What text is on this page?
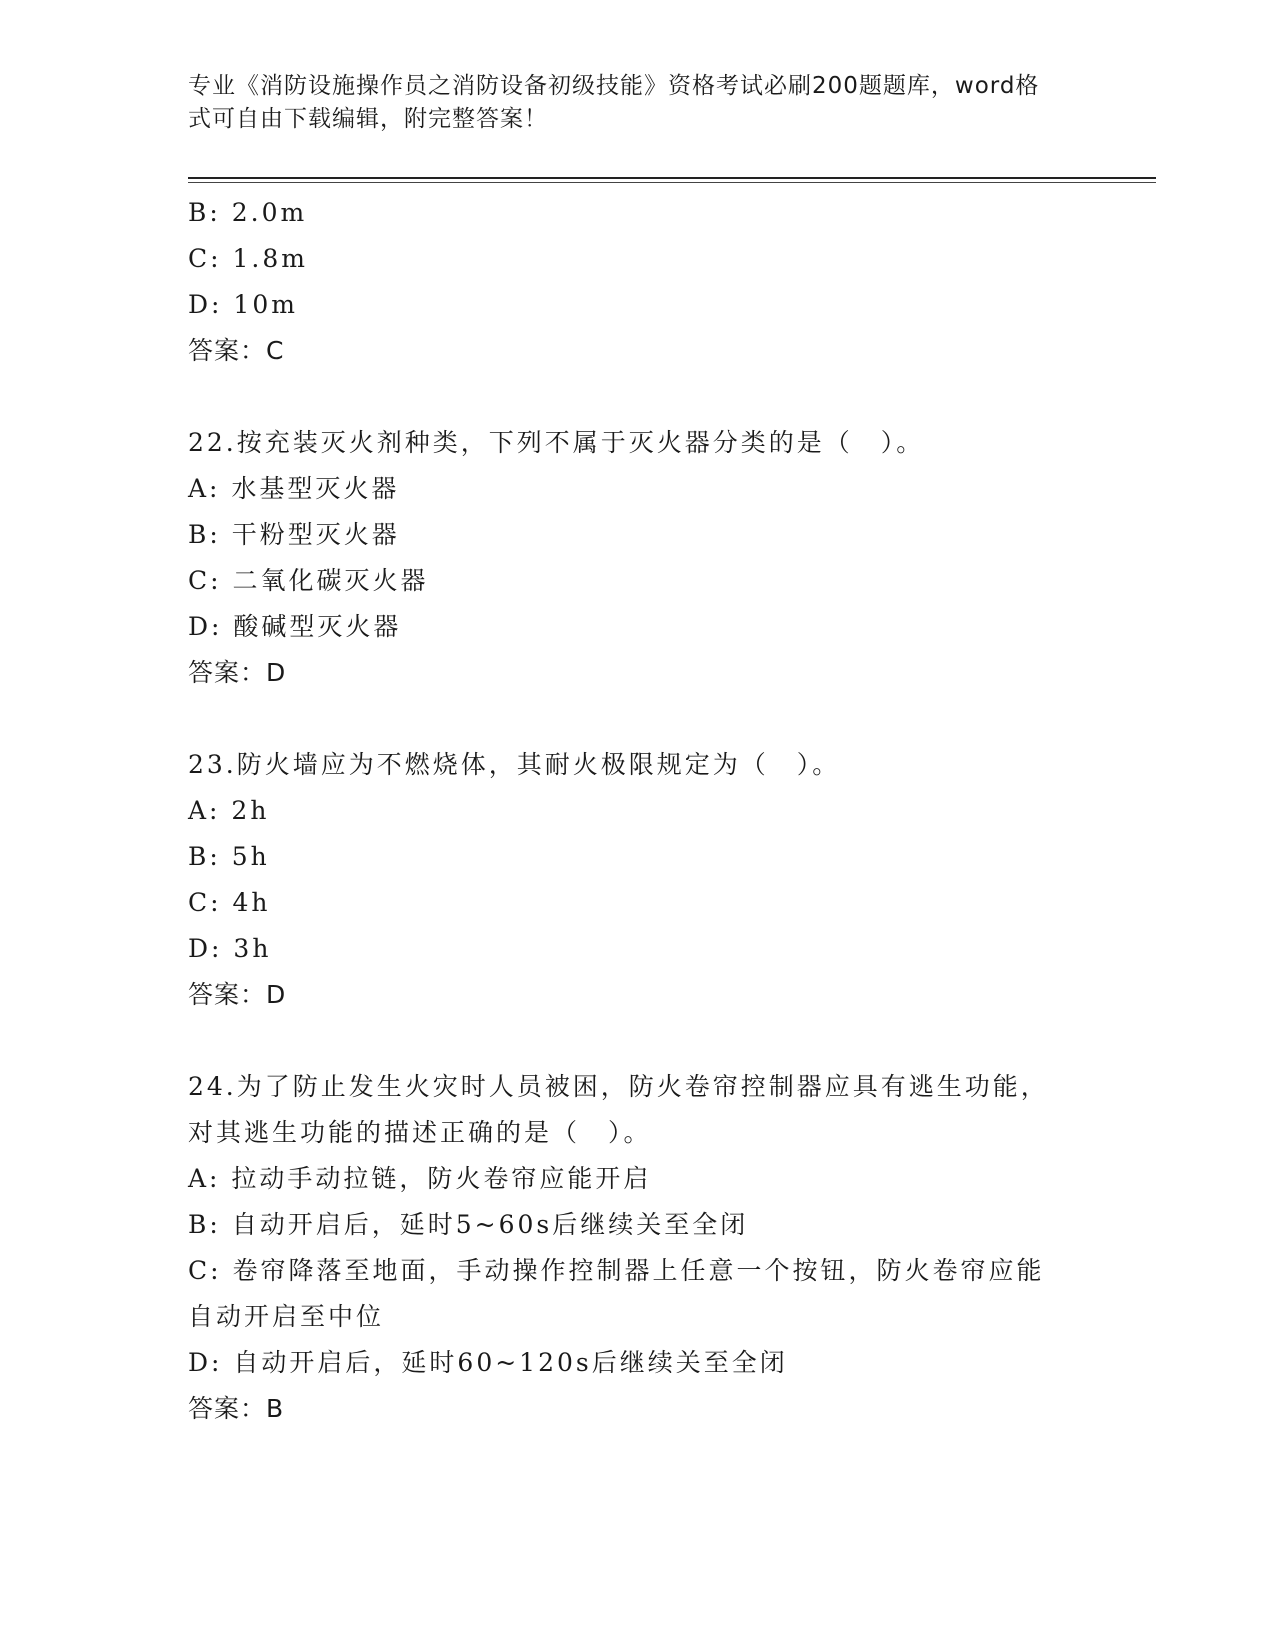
专业《消防设施操作员之消防设备初级技能》资格考试必刷200题题库，word格
式可自由下载编辑，附完整答案！

B: 2.0m

C: 1.8m

D: 10m

答案：C

22.按充装灭火剂种类，下列不属于灭火器分类的是（　）。

A: 水基型灭火器

B: 干粉型灭火器

C: 二氧化碳灭火器

D: 酸碱型灭火器

答案：D

23.防火墙应为不燃烧体，其耐火极限规定为（　）。

A: 2h

B: 5h

C: 4h

D: 3h

答案：D

24.为了防止发生火灾时人员被困，防火卷帘控制器应具有逃生功能，

对其逃生功能的描述正确的是（　）。

A: 拉动手动拉链，防火卷帘应能开启

B: 自动开启后，延时5~60s后继续关至全闭

C: 卷帘降落至地面，手动操作控制器上任意一个按钮，防火卷帘应能

自动开启至中位

D: 自动开启后，延时60~120s后继续关至全闭

答案：B
